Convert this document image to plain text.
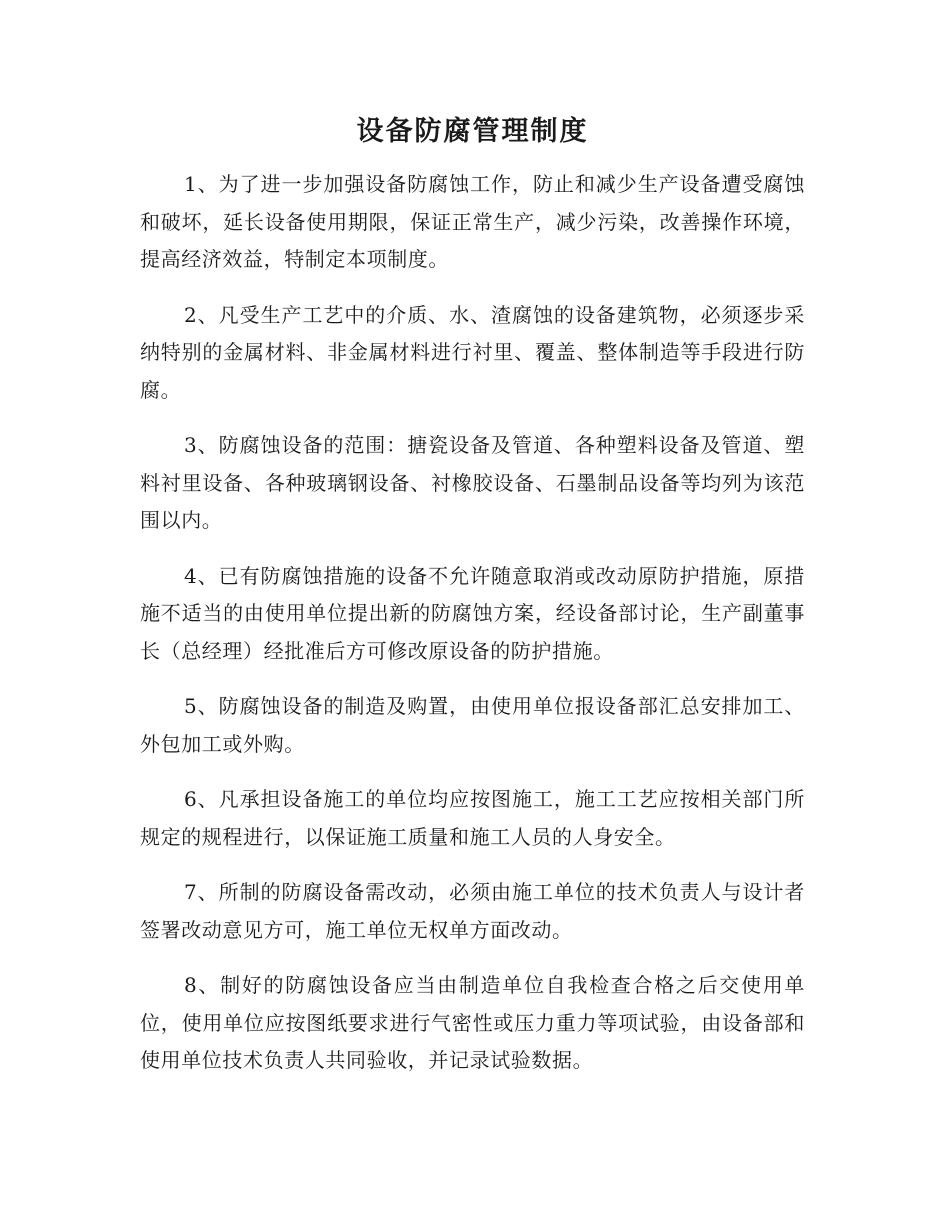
设备防腐管理制度

1、为了进一步加强设备防腐蚀工作，防止和减少生产设备遭受腐蚀和破坏，延长设备使用期限，保证正常生产，减少污染，改善操作环境，提高经济效益，特制定本项制度。

2、凡受生产工艺中的介质、水、渣腐蚀的设备建筑物，必须逐步采纳特别的金属材料、非金属材料进行衬里、覆盖、整体制造等手段进行防腐。

3、防腐蚀设备的范围：搪瓷设备及管道、各种塑料设备及管道、塑料衬里设备、各种玻璃钢设备、衬橡胶设备、石墨制品设备等均列为该范围以内。

4、已有防腐蚀措施的设备不允许随意取消或改动原防护措施，原措施不适当的由使用单位提出新的防腐蚀方案，经设备部讨论，生产副董事长（总经理）经批准后方可修改原设备的防护措施。

5、防腐蚀设备的制造及购置，由使用单位报设备部汇总安排加工、外包加工或外购。

6、凡承担设备施工的单位均应按图施工，施工工艺应按相关部门所规定的规程进行，以保证施工质量和施工人员的人身安全。

7、所制的防腐设备需改动，必须由施工单位的技术负责人与设计者签署改动意见方可，施工单位无权单方面改动。

8、制好的防腐蚀设备应当由制造单位自我检查合格之后交使用单位，使用单位应按图纸要求进行气密性或压力重力等项试验，由设备部和使用单位技术负责人共同验收，并记录试验数据。
